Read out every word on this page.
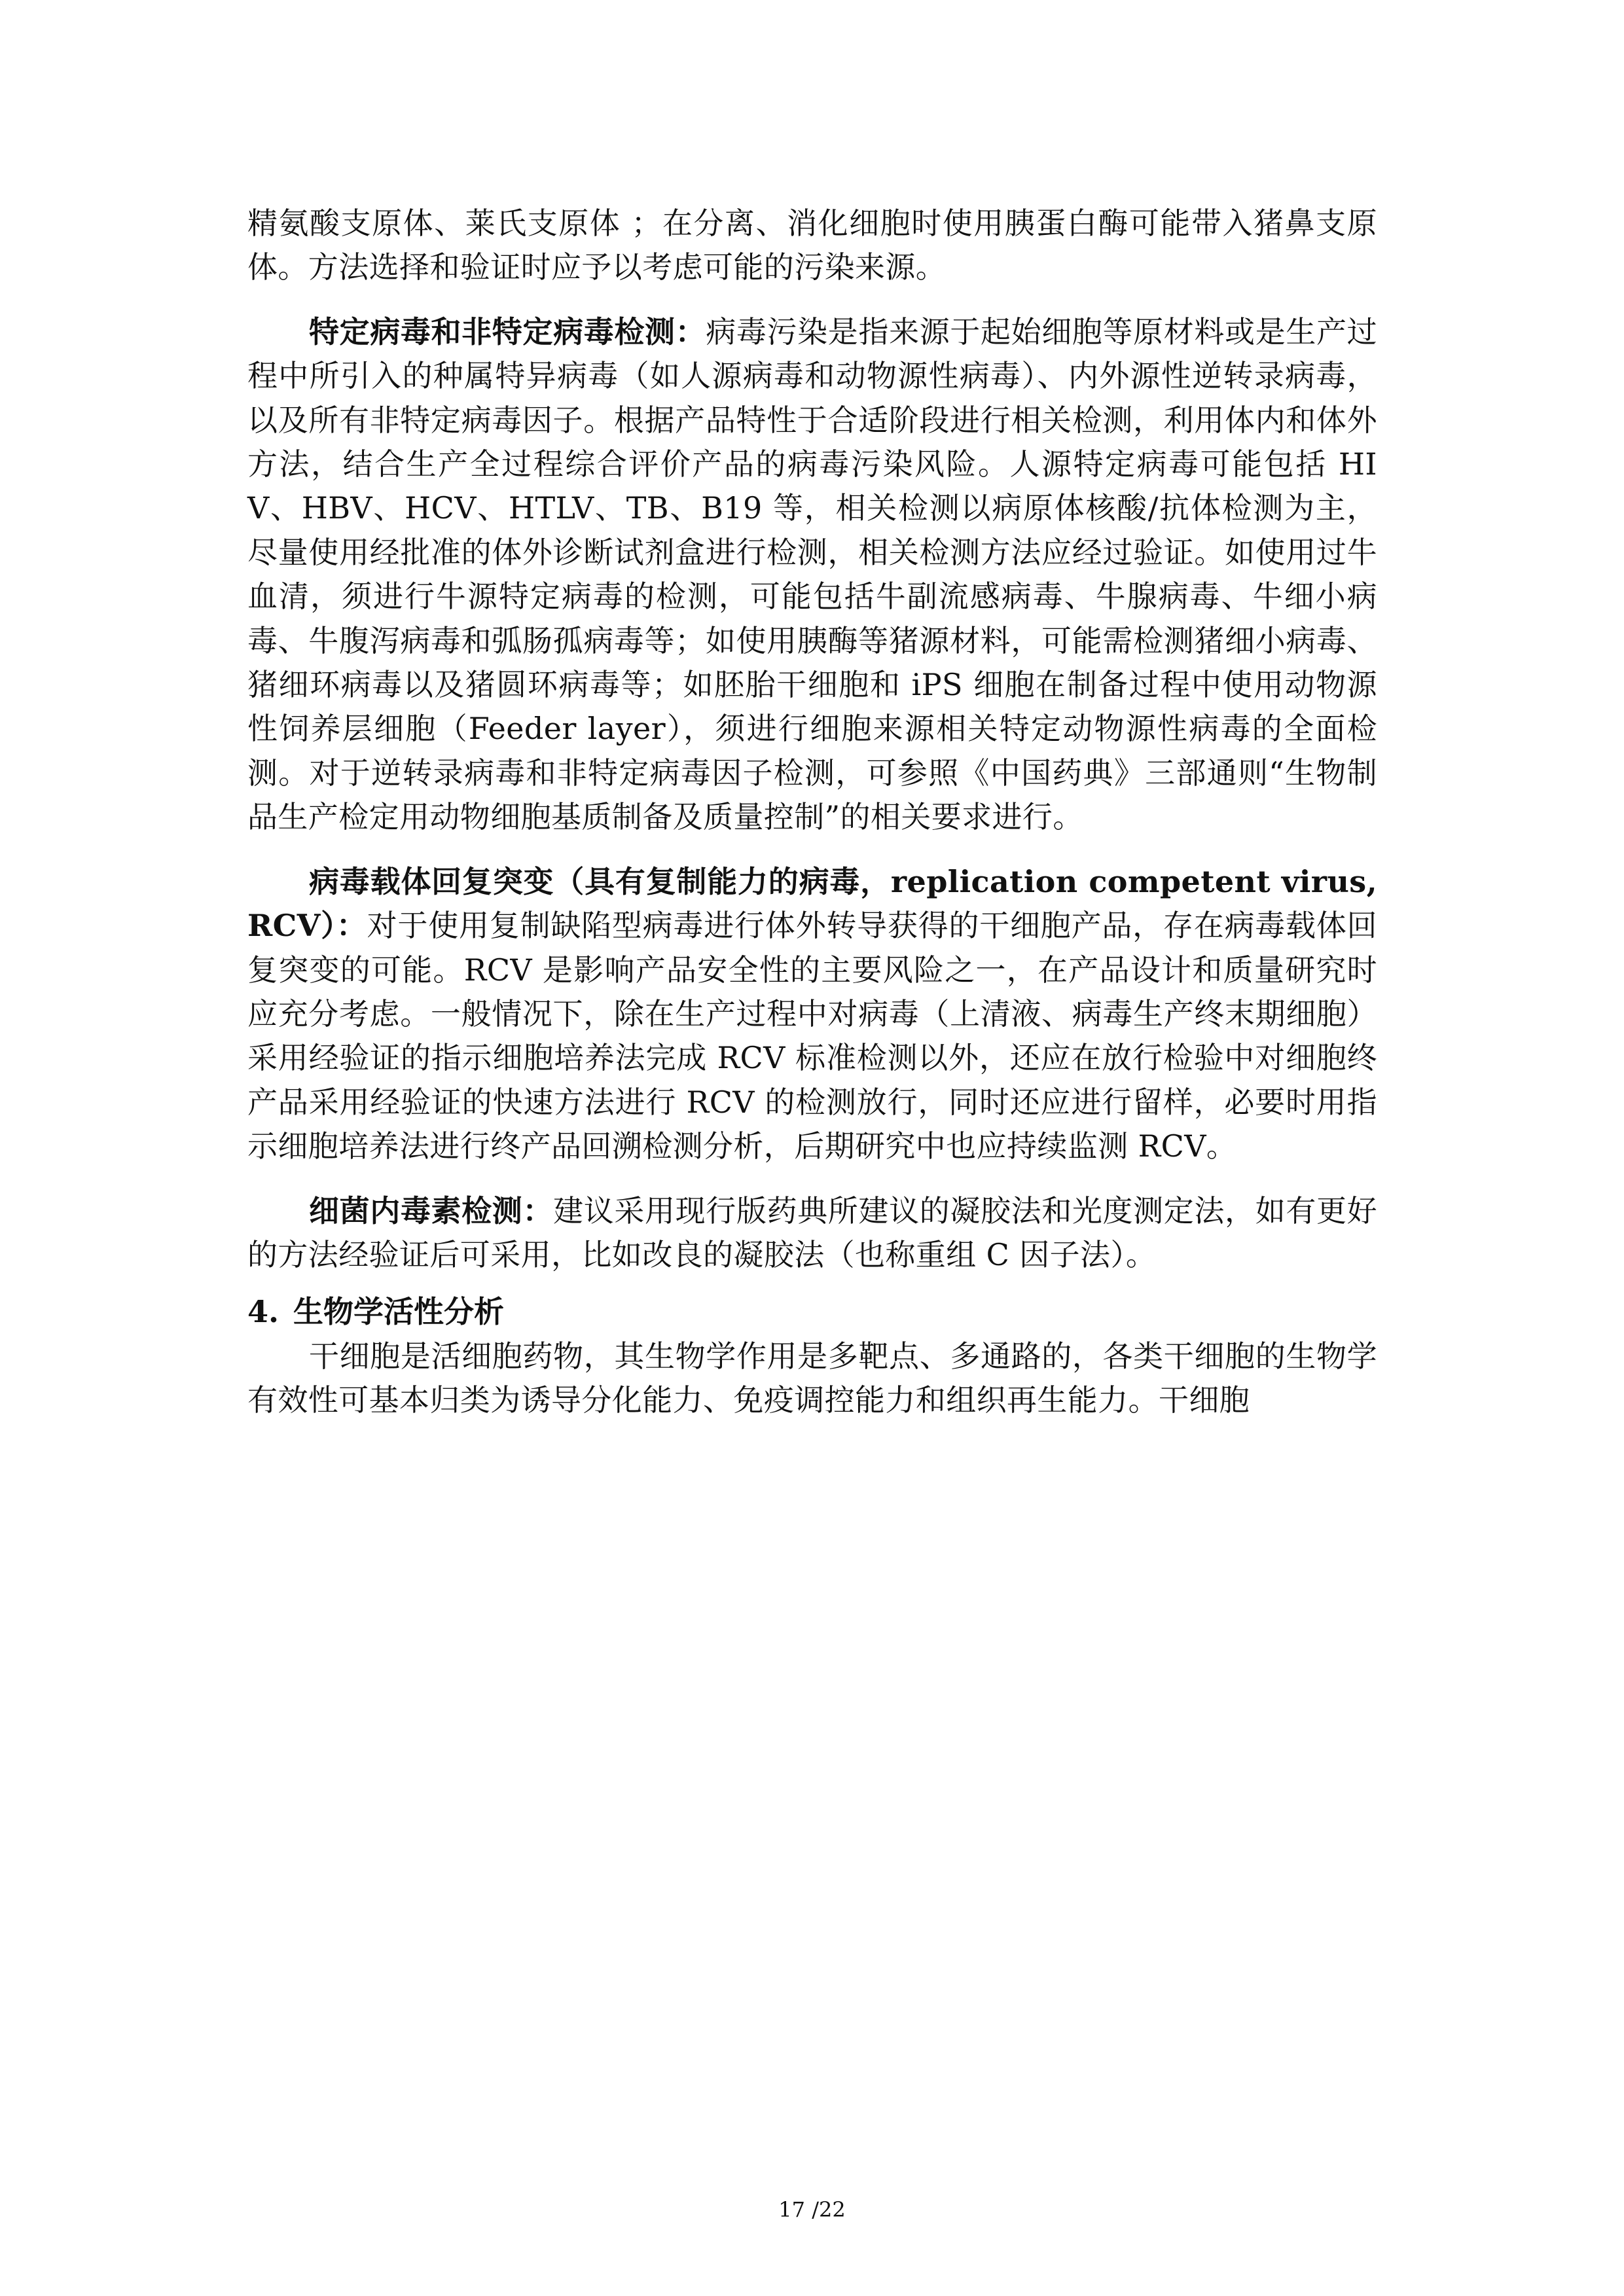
精氨酸支原体、莱氏支原体 ；在分离、消化细胞时使用胰蛋白酶可能带入猪鼻支原体。方法选择和验证时应予以考虑可能的污染来源。

特定病毒和非特定病毒检测：病毒污染是指来源于起始细胞等原材料或是生产过程中所引入的种属特异病毒（如人源病毒和动物源性病毒）、内外源性逆转录病毒，以及所有非特定病毒因子。根据产品特性于合适阶段进行相关检测，利用体内和体外方法，结合生产全过程综合评价产品的病毒污染风险。人源特定病毒可能包括 HIV、HBV、HCV、HTLV、TB、B19 等，相关检测以病原体核酸/抗体检测为主，尽量使用经批准的体外诊断试剂盒进行检测，相关检测方法应经过验证。如使用过牛血清，须进行牛源特定病毒的检测，可能包括牛副流感病毒、牛腺病毒、牛细小病毒、牛腹泻病毒和弧肠孤病毒等；如使用胰酶等猪源材料，可能需检测猪细小病毒、猪细环病毒以及猪圆环病毒等；如胚胎干细胞和 iPS 细胞在制备过程中使用动物源性饲养层细胞（Feeder layer），须进行细胞来源相关特定动物源性病毒的全面检测。对于逆转录病毒和非特定病毒因子检测，可参照《中国药典》三部通则“生物制品生产检定用动物细胞基质制备及质量控制”的相关要求进行。

病毒载体回复突变（具有复制能力的病毒，replication competent virus, RCV）：对于使用复制缺陷型病毒进行体外转导获得的干细胞产品，存在病毒载体回复突变的可能。RCV 是影响产品安全性的主要风险之一，在产品设计和质量研究时应充分考虑。一般情况下，除在生产过程中对病毒（上清液、病毒生产终末期细胞）采用经验证的指示细胞培养法完成 RCV 标准检测以外，还应在放行检验中对细胞终产品采用经验证的快速方法进行 RCV 的检测放行，同时还应进行留样，必要时用指示细胞培养法进行终产品回溯检测分析，后期研究中也应持续监测 RCV。

细菌内毒素检测：建议采用现行版药典所建议的凝胶法和光度测定法，如有更好的方法经验证后可采用，比如改良的凝胶法（也称重组 C 因子法）。

4. 生物学活性分析

干细胞是活细胞药物，其生物学作用是多靶点、多通路的，各类干细胞的生物学有效性可基本归类为诱导分化能力、免疫调控能力和组织再生能力。干细胞

17 /22
